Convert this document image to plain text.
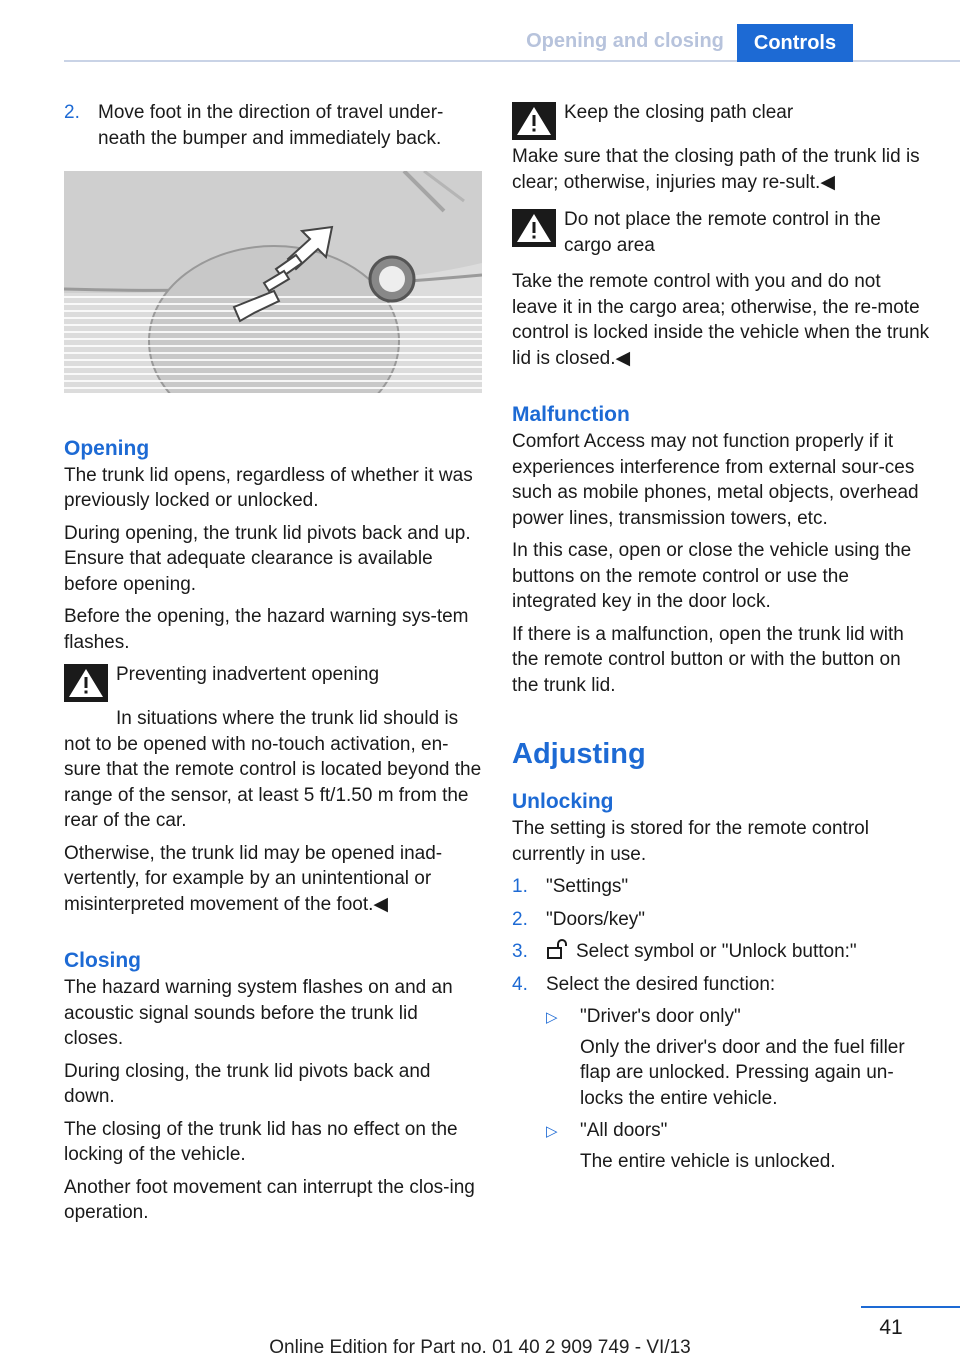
Opening and closing	Controls
2. Move foot in the direction of travel under‐neath the bumper and immediately back.
Opening

The trunk lid opens, regardless of whether it was previously locked or unlocked.

During opening, the trunk lid pivots back and up. Ensure that adequate clearance is available before opening.

Before the opening, the hazard warning sys‐tem flashes.

Preventing inadvertent opening

In situations where the trunk lid should is not to be opened with no-touch activation, en‐sure that the remote control is located beyond the range of the sensor, at least 5 ft/1.50 m from the rear of the car.

Otherwise, the trunk lid may be opened inad‐vertently, for example by an unintentional or misinterpreted movement of the foot.◀

Closing

The hazard warning system flashes on and an acoustic signal sounds before the trunk lid closes.

During closing, the trunk lid pivots back and down.

The closing of the trunk lid has no effect on the locking of the vehicle.

Another foot movement can interrupt the clos‐ing operation.

Keep the closing path clear

Make sure that the closing path of the trunk lid is clear; otherwise, injuries may re‐sult.◀

Do not place the remote control in the cargo area

Take the remote control with you and do not leave it in the cargo area; otherwise, the re‐mote control is locked inside the vehicle when the trunk lid is closed.◀

Malfunction

Comfort Access may not function properly if it experiences interference from external sour‐ces such as mobile phones, metal objects, overhead power lines, transmission towers, etc.

In this case, open or close the vehicle using the buttons on the remote control or use the integrated key in the door lock.

If there is a malfunction, open the trunk lid with the remote control button or with the button on the trunk lid.

Adjusting
Unlocking

The setting is stored for the remote control currently in use.

1. "Settings"
2. "Doors/key"
3.	Select symbol or "Unlock button:"
4. Select the desired function:
▷	"Driver's door only"
Only the driver's door and the fuel filler flap are unlocked. Pressing again un‐locks the entire vehicle.
▷	"All doors"
The entire vehicle is unlocked.
41
Online Edition for Part no. 01 40 2 909 749 - VI/13
